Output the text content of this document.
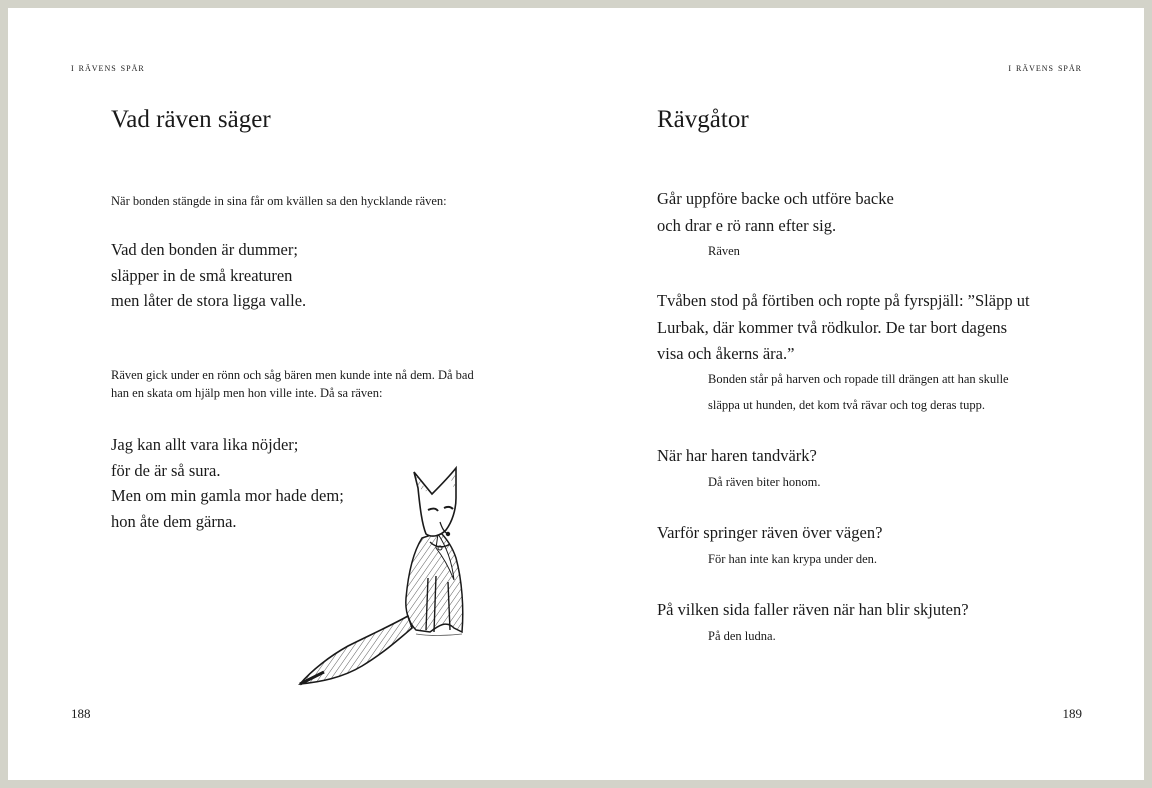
i rävens spår
Vad räven säger

När bonden stängde in sina får om kvällen sa den hycklande räven:

Vad den bonden är dummer;
släpper in de små kreaturen
men låter de stora ligga valle.
Räven gick under en rönn och såg bären men kunde inte nå dem. Då bad
han en skata om hjälp men hon ville inte. Då sa räven:
Jag kan allt vara lika nöjder;
för de är så sura.
Men om min gamla mor hade dem;
hon åte dem gärna.
188
i rävens spår
Rävgåtor
Går uppföre backe och utföre backe
och drar e rö rann efter sig.
Räven
Tvåben stod på förtiben och ropte på fyrspjäll: ”Släpp ut
Lurbak, där kommer två rödkulor. De tar bort dagens
visa och åkerns ära.”
Bonden står på harven och ropade till drängen att han skulle
släppa ut hunden, det kom två rävar och tog deras tupp.
När har haren tandvärk?
Då räven biter honom.
Varför springer räven över vägen?
För han inte kan krypa under den.
På vilken sida faller räven när han blir skjuten?
På den ludna.
189
